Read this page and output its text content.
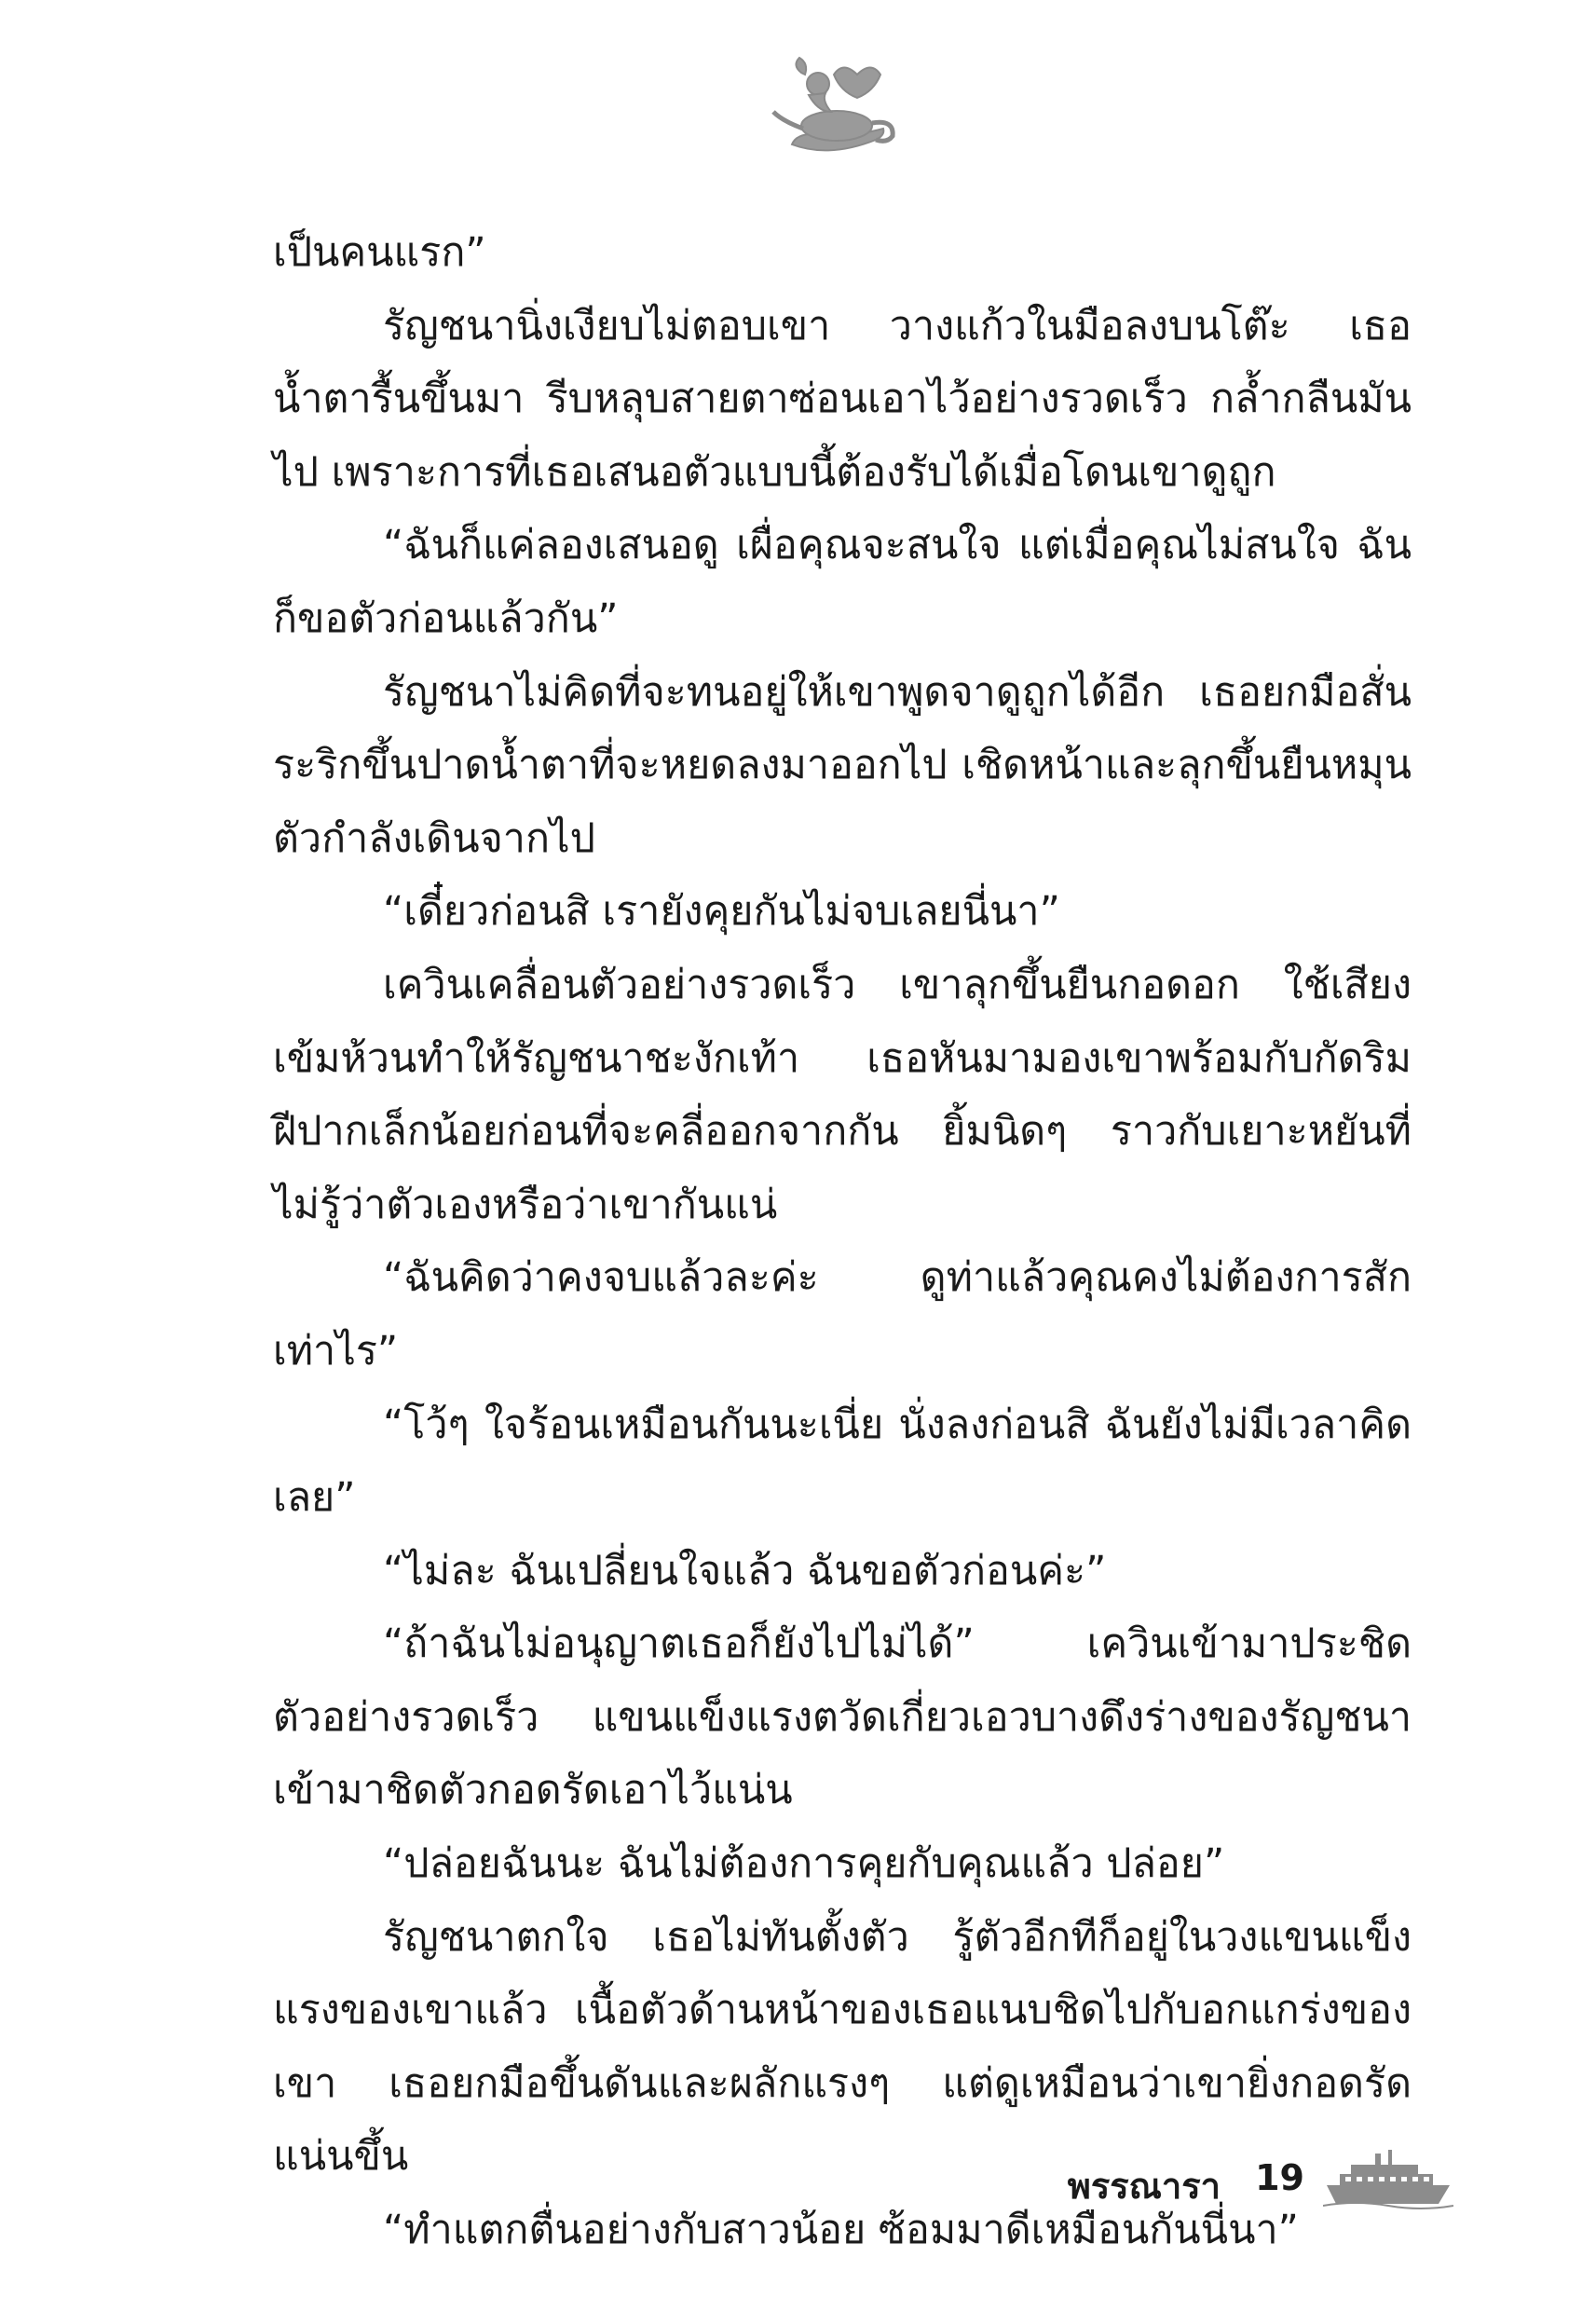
เป็นคนแรก”

รัญชนานิ่งเงียบไม่ตอบเขา วางแก้วในมือลงบนโต๊ะ เธอน้ำตารื้นขึ้นมา รีบหลุบสายตาซ่อนเอาไว้อย่างรวดเร็ว กล้ำกลืนมันไป เพราะการที่เธอเสนอตัวแบบนี้ต้องรับได้เมื่อโดนเขาดูถูก

“ฉันก็แค่ลองเสนอดู เผื่อคุณจะสนใจ แต่เมื่อคุณไม่สนใจ ฉันก็ขอตัวก่อนแล้วกัน”

รัญชนาไม่คิดที่จะทนอยู่ให้เขาพูดจาดูถูกได้อีก เธอยกมือสั่นระริกขึ้นปาดน้ำตาที่จะหยดลงมาออกไป เชิดหน้าและลุกขึ้นยืนหมุนตัวกำลังเดินจากไป

“เดี๋ยวก่อนสิ เรายังคุยกันไม่จบเลยนี่นา”

เควินเคลื่อนตัวอย่างรวดเร็ว เขาลุกขึ้นยืนกอดอก ใช้เสียงเข้มห้วนทำให้รัญชนาชะงักเท้า เธอหันมามองเขาพร้อมกับกัดริมฝีปากเล็กน้อยก่อนที่จะคลี่ออกจากกัน ยิ้มนิดๆ ราวกับเยาะหยันที่ไม่รู้ว่าตัวเองหรือว่าเขากันแน่

“ฉันคิดว่าคงจบแล้วละค่ะ ดูท่าแล้วคุณคงไม่ต้องการสักเท่าไร”

“โว้ๆ ใจร้อนเหมือนกันนะเนี่ย นั่งลงก่อนสิ ฉันยังไม่มีเวลาคิดเลย”

“ไม่ละ ฉันเปลี่ยนใจแล้ว ฉันขอตัวก่อนค่ะ”

“ถ้าฉันไม่อนุญาตเธอก็ยังไปไม่ได้” เควินเข้ามาประชิดตัวอย่างรวดเร็ว แขนแข็งแรงตวัดเกี่ยวเอวบางดึงร่างของรัญชนาเข้ามาชิดตัวกอดรัดเอาไว้แน่น

“ปล่อยฉันนะ ฉันไม่ต้องการคุยกับคุณแล้ว ปล่อย”

รัญชนาตกใจ เธอไม่ทันตั้งตัว รู้ตัวอีกทีก็อยู่ในวงแขนแข็งแรงของเขาแล้ว เนื้อตัวด้านหน้าของเธอแนบชิดไปกับอกแกร่งของเขา เธอยกมือขึ้นดันและผลักแรงๆ แต่ดูเหมือนว่าเขายิ่งกอดรัดแน่นขึ้น

“ทำแตกตื่นอย่างกับสาวน้อย ซ้อมมาดีเหมือนกันนี่นา”

พรรณารา 19
